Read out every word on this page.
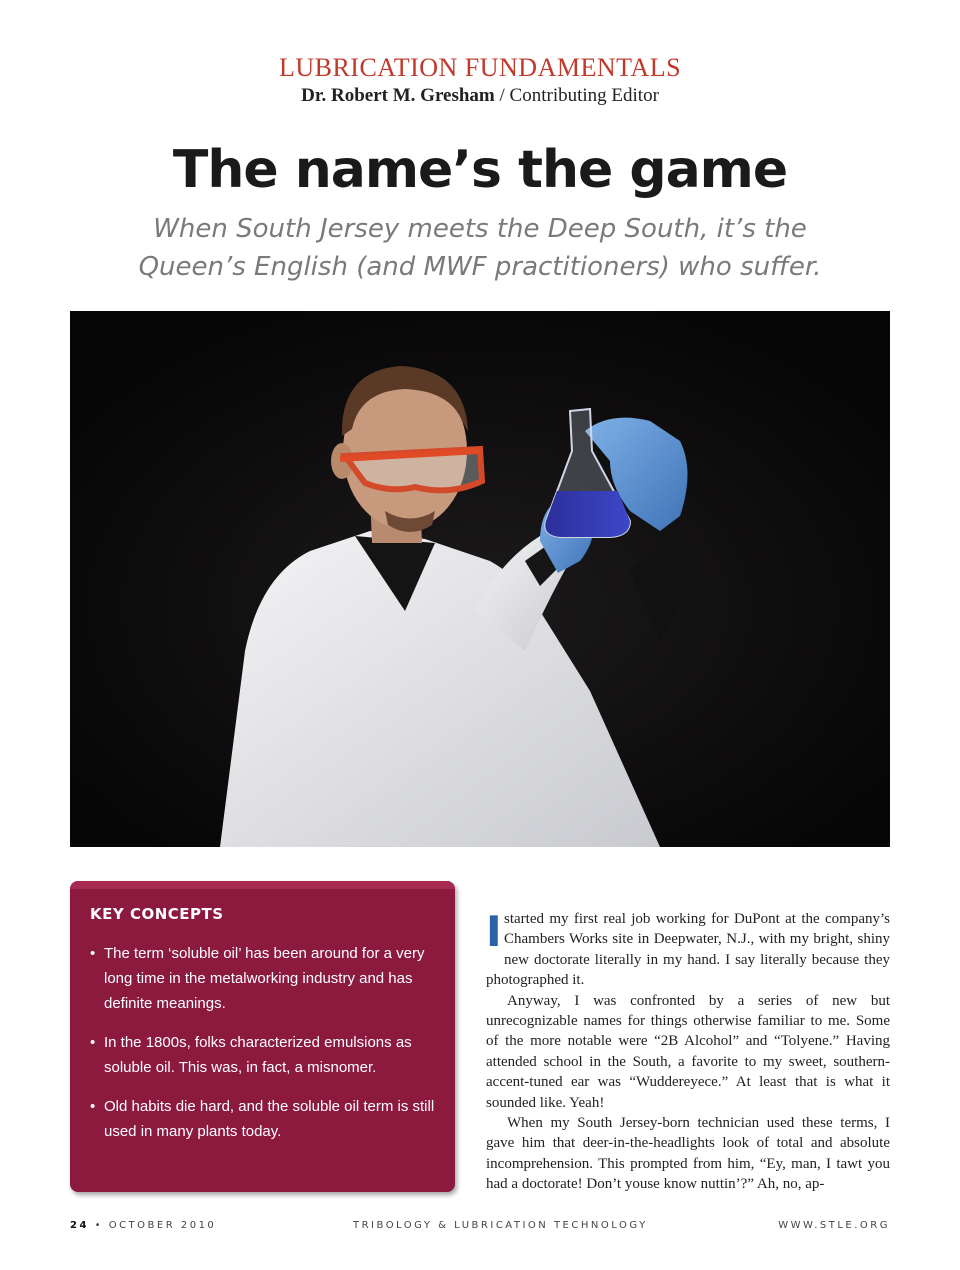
LUBRICATION FUNDAMENTALS
Dr. Robert M. Gresham / Contributing Editor
The name’s the game
When South Jersey meets the Deep South, it’s the
Queen’s English (and MWF practitioners) who suffer.
KEY CONCEPTS
• The term ‘soluble oil’ has been around for a very long time in the metalworking industry and has definite meanings.
• In the 1800s, folks characterized emulsions as soluble oil. This was, in fact, a misnomer.
• Old habits die hard, and the soluble oil term is still used in many plants today.

I started my first real job working for DuPont at the company’s Chambers Works site in Deepwater, N.J., with my bright, shiny new doctorate literally in my hand. I say literally because they photographed it.

Anyway, I was confronted by a series of new but unrecognizable names for things otherwise familiar to me. Some of the more notable were “2B Alcohol” and “Tolyene.” Having attended school in the South, a favorite to my sweet, southern-accent-tuned ear was “Wuddereyece.” At least that is what it sounded like. Yeah!

When my South Jersey-born technician used these terms, I gave him that deer-in-the-headlights look of total and absolute incomprehension. This prompted from him, “Ey, man, I tawt you had a doctorate! Don’t youse know nuttin’?” Ah, no, ap-

24 • OCTOBER 2010	TRIBOLOGY & LUBRICATION TECHNOLOGY	WWW.STLE.ORG
